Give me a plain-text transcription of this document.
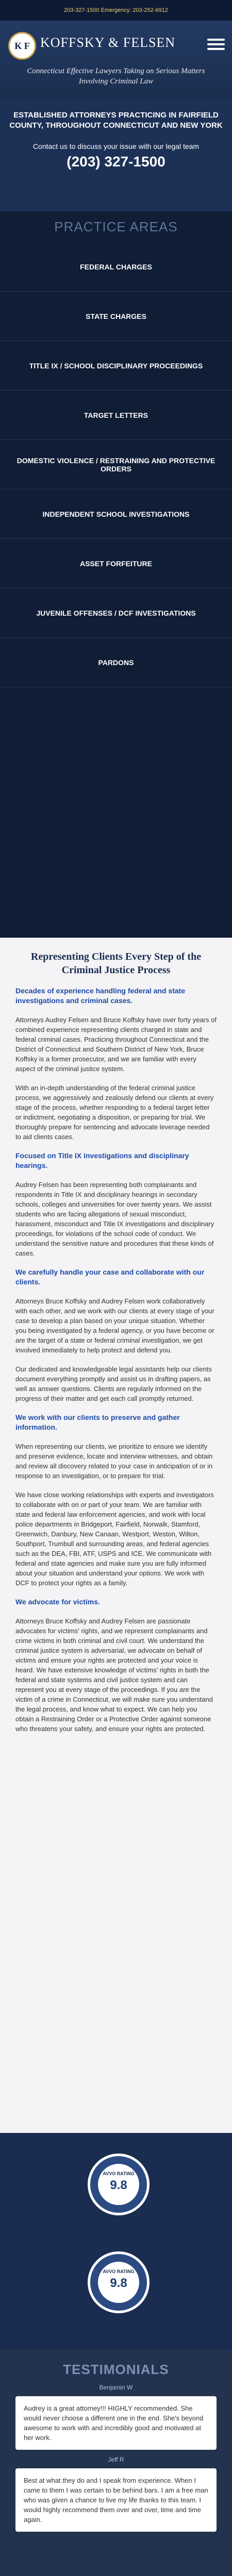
203-327-1500 Emergency: 203-252-6912
K F KOFFSKY & FELSEN
Connecticut Effective Lawyers Taking on Serious Matters Involving Criminal Law
ESTABLISHED ATTORNEYS PRACTICING IN FAIRFIELD COUNTY, THROUGHOUT CONNECTICUT AND NEW YORK
Contact us to discuss your issue with our legal team
(203) 327-1500
PRACTICE AREAS
FEDERAL CHARGES
STATE CHARGES
TITLE IX / SCHOOL DISCIPLINARY PROCEEDINGS
TARGET LETTERS
DOMESTIC VIOLENCE / RESTRAINING AND PROTECTIVE ORDERS
INDEPENDENT SCHOOL INVESTIGATIONS
ASSET FORFEITURE
JUVENILE OFFENSES / DCF INVESTIGATIONS
PARDONS
Representing Clients Every Step of the Criminal Justice Process

Decades of experience handling federal and state investigations and criminal cases.

Attorneys Audrey Felsen and Bruce Koffsky have over forty years of combined experience representing clients charged in state and federal criminal cases. Practicing throughout Connecticut and the District of Connecticut and Southern District of New York, Bruce Koffsky is a former prosecutor, and we are familiar with every aspect of the criminal justice system.

With an in-depth understanding of the federal criminal justice process, we aggressively and zealously defend our clients at every stage of the process, whether responding to a federal target letter or indictment, negotiating a disposition, or preparing for trial. We thoroughly prepare for sentencing and advocate leverage needed to aid clients cases.

Focused on Title IX investigations and disciplinary hearings.

Audrey Felsen has been representing both complainants and respondents in Title IX and disciplinary hearings in secondary schools, colleges and universities for over twenty years. We assist students who are facing allegations of sexual misconduct, harassment, misconduct and Title IX investigations and disciplinary proceedings, for violations of the school code of conduct. We understand the sensitive nature and procedures that these kinds of cases.

We carefully handle your case and collaborate with our clients.

Attorneys Bruce Koffsky and Audrey Felsen work collaboratively with each other, and we work with our clients at every stage of your case to develop a plan based on your unique situation. Whether you being investigated by a federal agency, or you have become or are the target of a state or federal criminal investigation, we get involved immediately to help protect and defend you.

Our dedicated and knowledgeable legal assistants help our clients document everything promptly and assist us in drafting papers, as well as answer questions. Clients are regularly informed on the progress of their matter and get each call promptly returned.

We work with our clients to preserve and gather information.

When representing our clients, we prioritize to ensure we identify and preserve evidence, locate and interview witnesses, and obtain and review all discovery related to your case in anticipation of or in response to an investigation, or to prepare for trial.

We have close working relationships with experts and investigators to collaborate with on or part of your team. We are familiar with state and federal law enforcement agencies, and work with local police departments in Bridgeport, Fairfield, Norwalk, Stamford, Greenwich, Danbury, New Canaan, Westport, Weston, Wilton, Southport, Trumbull and surrounding areas, and federal agencies such as the DEA, FBI, ATF, USPS and ICE. We communicate with federal and state agencies and make sure you are fully informed about your situation and understand your options. We work with DCF to protect your rights as a family.

We advocate for victims.

Attorneys Bruce Koffsky and Audrey Felsen are passionate advocates for victims' rights, and we represent complainants and crime victims in both criminal and civil court. We understand the criminal justice system is adversarial, we advocate on behalf of victims and ensure your rights are protected and your voice is heard. We have extensive knowledge of victims' rights in both the federal and state systems and civil justice system and can represent you at every stage of the proceedings. If you are the victim of a crime in Connecticut, we will make sure you understand the legal process, and know what to expect. We can help you obtain a Restraining Order or a Protective Order against someone who threatens your safety, and ensure your rights are protected.

AVVO RATING
9.8
AVVO RATING
9.8
TESTIMONIALS
Benjamin W
Audrey is a great attorney!!! HIGHLY recommended. She would never choose a different one in the end. She's beyond awesome to work with and incredibly good and motivated at her work.
Jeff R
Best at what they do and I speak from experience. When I came to them I was certain to be behind bars. I am a free man who was given a chance to live my life thanks to this team. I would highly recommend them over and over, time and time again.
